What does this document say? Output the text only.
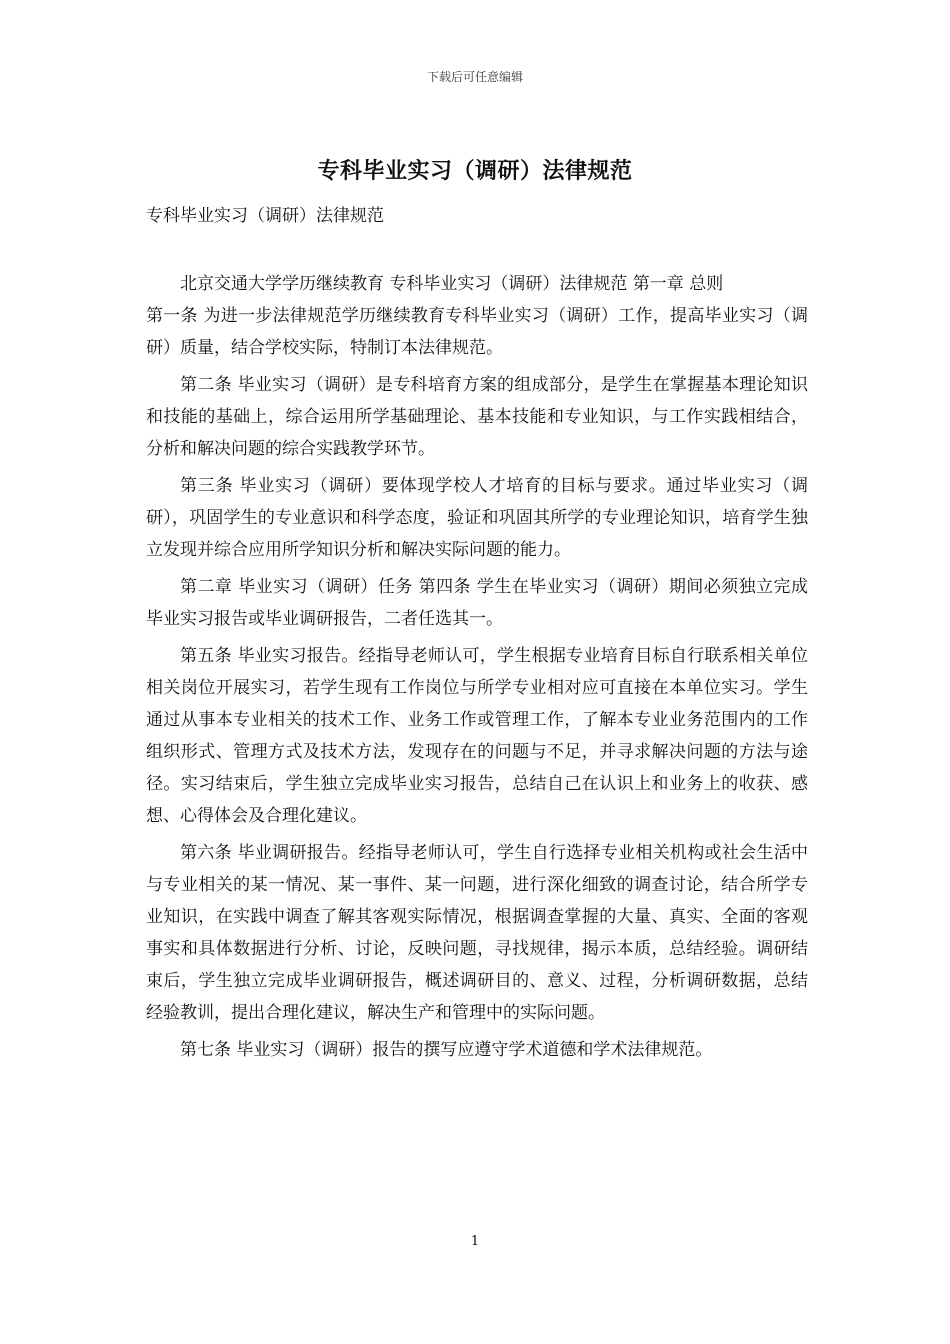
下载后可任意编辑
专科毕业实习（调研）法律规范
专科毕业实习（调研）法律规范

北京交通大学学历继续教育 专科毕业实习（调研）法律规范 第一章 总则

第一条 为进一步法律规范学历继续教育专科毕业实习（调研）工作，提高毕业实习（调研）质量，结合学校实际，特制订本法律规范。

第二条 毕业实习（调研）是专科培育方案的组成部分，是学生在掌握基本理论知识和技能的基础上，综合运用所学基础理论、基本技能和专业知识，与工作实践相结合，分析和解决问题的综合实践教学环节。

第三条 毕业实习（调研）要体现学校人才培育的目标与要求。通过毕业实习（调研），巩固学生的专业意识和科学态度，验证和巩固其所学的专业理论知识，培育学生独立发现并综合应用所学知识分析和解决实际问题的能力。

第二章 毕业实习（调研）任务 第四条 学生在毕业实习（调研）期间必须独立完成毕业实习报告或毕业调研报告，二者任选其一。

第五条 毕业实习报告。经指导老师认可，学生根据专业培育目标自行联系相关单位相关岗位开展实习，若学生现有工作岗位与所学专业相对应可直接在本单位实习。学生通过从事本专业相关的技术工作、业务工作或管理工作，了解本专业业务范围内的工作组织形式、管理方式及技术方法，发现存在的问题与不足，并寻求解决问题的方法与途径。实习结束后，学生独立完成毕业实习报告，总结自己在认识上和业务上的收获、感想、心得体会及合理化建议。

第六条 毕业调研报告。经指导老师认可，学生自行选择专业相关机构或社会生活中与专业相关的某一情况、某一事件、某一问题，进行深化细致的调查讨论，结合所学专业知识，在实践中调查了解其客观实际情况，根据调查掌握的大量、真实、全面的客观事实和具体数据进行分析、讨论，反映问题，寻找规律，揭示本质，总结经验。调研结束后，学生独立完成毕业调研报告，概述调研目的、意义、过程，分析调研数据，总结经验教训，提出合理化建议，解决生产和管理中的实际问题。

第七条 毕业实习（调研）报告的撰写应遵守学术道德和学术法律规范。

1
